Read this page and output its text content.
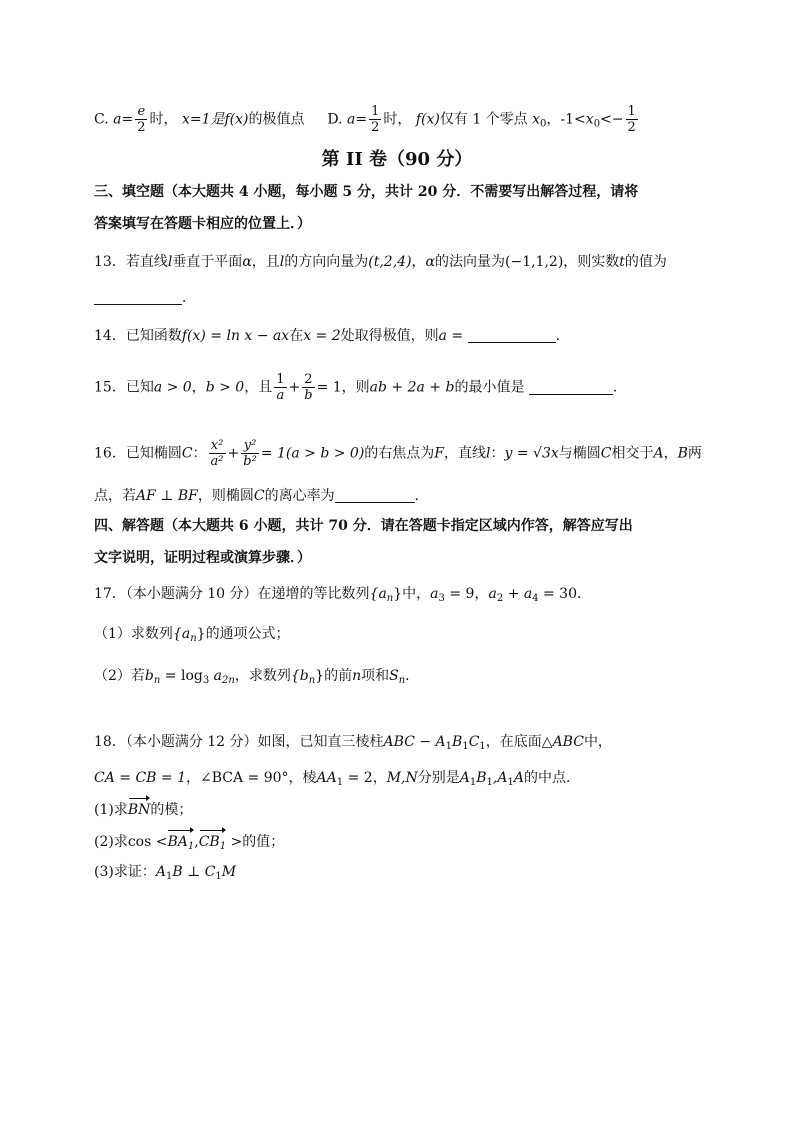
C. $a= \frac{e}{2}$ 时， x=1是f(x)的极值点 D. $a= \frac{1}{2}$ 时， f(x)仅有 1 个零点 $x_0$，$-1<x_0<- \frac{1}{2}$
第 II 卷（90 分）
三、填空题（本大题共 4 小题，每小题 5 分，共计 20 分．不需要写出解答过程，请将
答案填写在答题卡相应的位置上．）
13．若直线l垂直于平面α，且l的方向向量为(t,2,4)，α的法向量为(−1,1,2)，则实数t的值为
．
14．已知函数f(x) = ln x − ax在x = 2处取得极值，则a =	．
15．已知a > 0，b > 0，且 $\frac{1}{a} + \frac{2}{b} = 1$，则ab + 2a + b的最小值是	．
16．已知椭圆C： $\frac{\text{x²}}{\text{a²}} + \frac{\text{y²}}{\text{b²}} = 1(a > b > 0)$的右焦点为F，直线l：y = √3x与椭圆C相交于A，B两
点，若AF ⊥ BF，则椭圆C的离心率为	．
四、解答题（本大题共 6 小题，共计 70 分．请在答题卡指定区域内作答，解答应写出
文字说明，证明过程或演算步骤．）
17．（本小题满分 10 分）在递增的等比数列$\{a_n\}$中，$a_3 = 9$，$a_2 + a_4 = 30$．
（1）求数列$\{a_n\}$的通项公式；
（2）若$b_n = \log_3 a_{2n}$，求数列$\{b_n\}$的前n项和$S_n$．
18．（本小题满分 12 分）如图，已知直三棱柱ABC − $A_1B_1C_1$，在底面△ABC中，
CA = CB = 1，∠BCA = 90°，棱$AA_1 = 2$，M,N分别是$A_1B_1,A_1A$的中点．
(1)求BN的模；
(2)求$\cos <BA_1,CB_1$ >的值；
(3)求证：$A_1B$ ⊥ $C_1M$
